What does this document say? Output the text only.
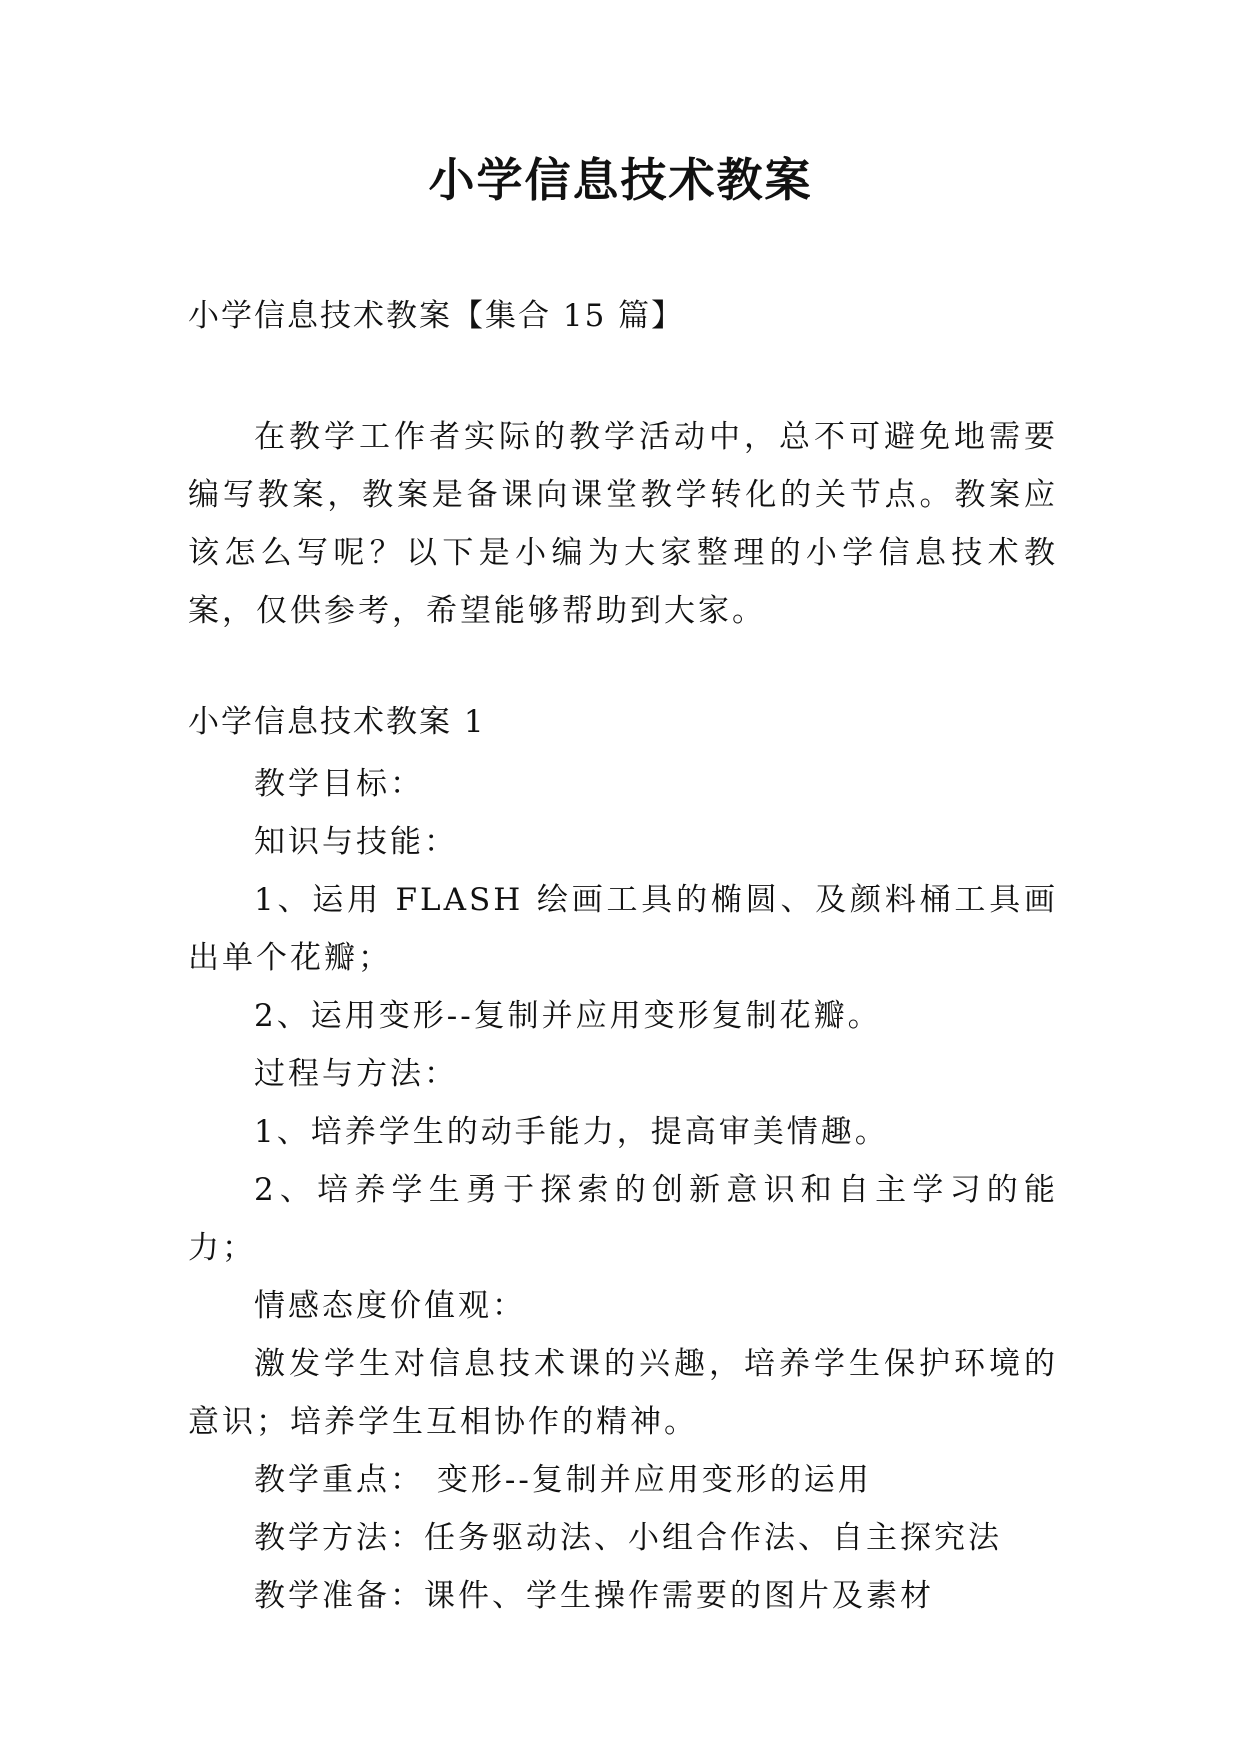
小学信息技术教案
小学信息技术教案【集合 15 篇】

在教学工作者实际的教学活动中，总不可避免地需要编写教案，教案是备课向课堂教学转化的关节点。教案应该怎么写呢？以下是小编为大家整理的小学信息技术教案，仅供参考，希望能够帮助到大家。

小学信息技术教案 1

教学目标：

知识与技能：

1、运用 FLASH 绘画工具的椭圆、及颜料桶工具画出单个花瓣；

2、运用变形--复制并应用变形复制花瓣。

过程与方法：

1、培养学生的动手能力，提高审美情趣。

2、培养学生勇于探索的创新意识和自主学习的能力；

情感态度价值观：

激发学生对信息技术课的兴趣，培养学生保护环境的意识；培养学生互相协作的精神。

教学重点： 变形--复制并应用变形的运用

教学方法：任务驱动法、小组合作法、自主探究法

教学准备：课件、学生操作需要的图片及素材
